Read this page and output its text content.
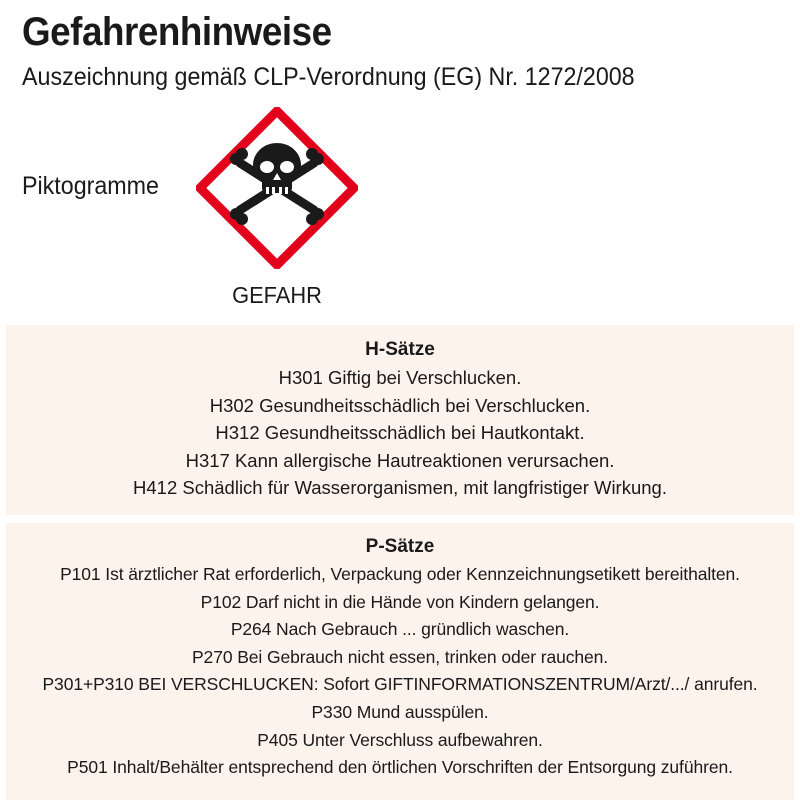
Gefahrenhinweise
Auszeichnung gemäß CLP-Verordnung (EG) Nr. 1272/2008
Piktogramme
GEFAHR
H-Sätze
H301 Giftig bei Verschlucken.
H302 Gesundheitsschädlich bei Verschlucken.
H312 Gesundheitsschädlich bei Hautkontakt.
H317 Kann allergische Hautreaktionen verursachen.
H412 Schädlich für Wasserorganismen, mit langfristiger Wirkung.
P-Sätze
P101 Ist ärztlicher Rat erforderlich, Verpackung oder Kennzeichnungsetikett bereithalten.
P102 Darf nicht in die Hände von Kindern gelangen.
P264 Nach Gebrauch ... gründlich waschen.
P270 Bei Gebrauch nicht essen, trinken oder rauchen.
P301+P310 BEI VERSCHLUCKEN: Sofort GIFTINFORMATIONSZENTRUM/Arzt/.../ anrufen.
P330 Mund ausspülen.
P405 Unter Verschluss aufbewahren.
P501 Inhalt/Behälter entsprechend den örtlichen Vorschriften der Entsorgung zuführen.
